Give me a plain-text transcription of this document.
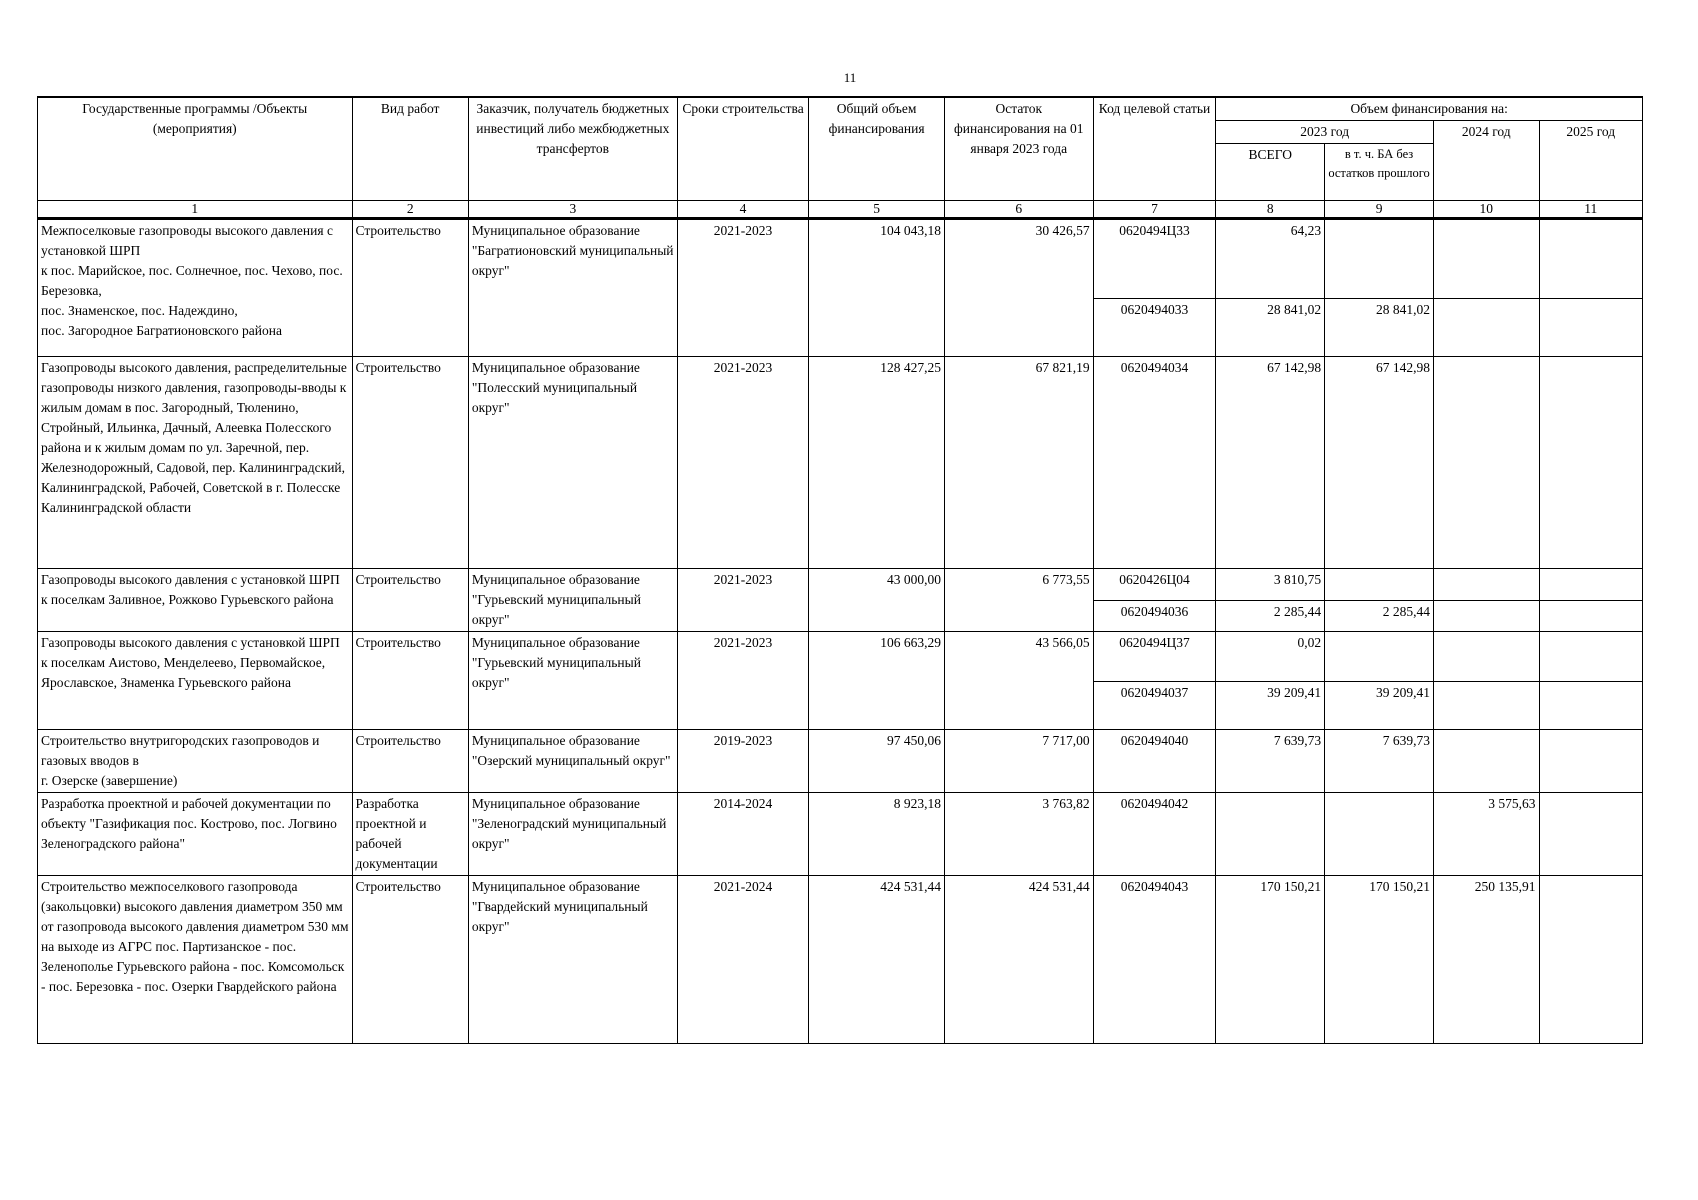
11
Государственные программы /Объекты (мероприятия)	Вид работ	Заказчик, получатель бюджетных инвестиций либо межбюджетных трансфертов	Сроки строительства	Общий объем финансирования	Остаток финансирования на 01 января 2023 года	Код целевой статьи	Объем финансирования на:			
							2023 год		2024 год	2025 год
							ВСЕГО	в т. ч. БА без остатков прошлого		
1	2	3	4	5	6	7	8	9	10	11
Межпоселковые газопроводы высокого давления с установкой ШРП
к пос. Марийское, пос. Солнечное, пос. Чехово, пос. Березовка,
пос. Знаменское, пос. Надеждино,
пос. Загородное Багратионовского района	Строительство	Муниципальное образование "Багратионовский муниципальный округ"	2021-2023	104 043,18	30 426,57	0620494Ц33	64,23			
						0620494033	28 841,02	28 841,02		
Газопроводы высокого давления, распределительные газопроводы низкого давления, газопроводы-вводы к жилым домам в пос. Загородный, Тюленино, Стройный, Ильинка, Дачный, Алеевка Полесского района и к жилым домам по ул. Заречной, пер. Железнодорожный, Садовой, пер. Калининградский, Калининградской, Рабочей, Советской в г. Полесске Калининградской области	Строительство	Муниципальное образование "Полесский муниципальный округ"	2021-2023	128 427,25	67 821,19	0620494034	67 142,98	67 142,98		
Газопроводы высокого давления с установкой ШРП к поселкам Заливное, Рожково Гурьевского района	Строительство	Муниципальное образование "Гурьевский муниципальный округ"	2021-2023	43 000,00	6 773,55	0620426Ц04	3 810,75			
						0620494036	2 285,44	2 285,44		
Газопроводы высокого давления с установкой ШРП к поселкам Аистово, Менделеево, Первомайское, Ярославское, Знаменка Гурьевского района	Строительство	Муниципальное образование "Гурьевский муниципальный округ"	2021-2023	106 663,29	43 566,05	0620494Ц37	0,02			
						0620494037	39 209,41	39 209,41		
Строительство внутригородских газопроводов и газовых вводов в
г. Озерске (завершение)	Строительство	Муниципальное образование "Озерский муниципальный округ"	2019-2023	97 450,06	7 717,00	0620494040	7 639,73	7 639,73		
Разработка проектной и рабочей документации по объекту "Газификация пос. Кострово, пос. Логвино Зеленоградского района"	Разработка проектной и рабочей документации	Муниципальное образование "Зеленоградский муниципальный округ"	2014-2024	8 923,18	3 763,82	0620494042			3 575,63	
Строительство межпоселкового газопровода (закольцовки) высокого давления диаметром 350 мм от газопровода высокого давления диаметром 530 мм на выходе из АГРС пос. Партизанское - пос. Зеленополье Гурьевского района - пос. Комсомольск - пос. Березовка - пос. Озерки Гвардейского района	Строительство	Муниципальное образование "Гвардейский муниципальный округ"	2021-2024	424 531,44	424 531,44	0620494043	170 150,21	170 150,21	250 135,91	
